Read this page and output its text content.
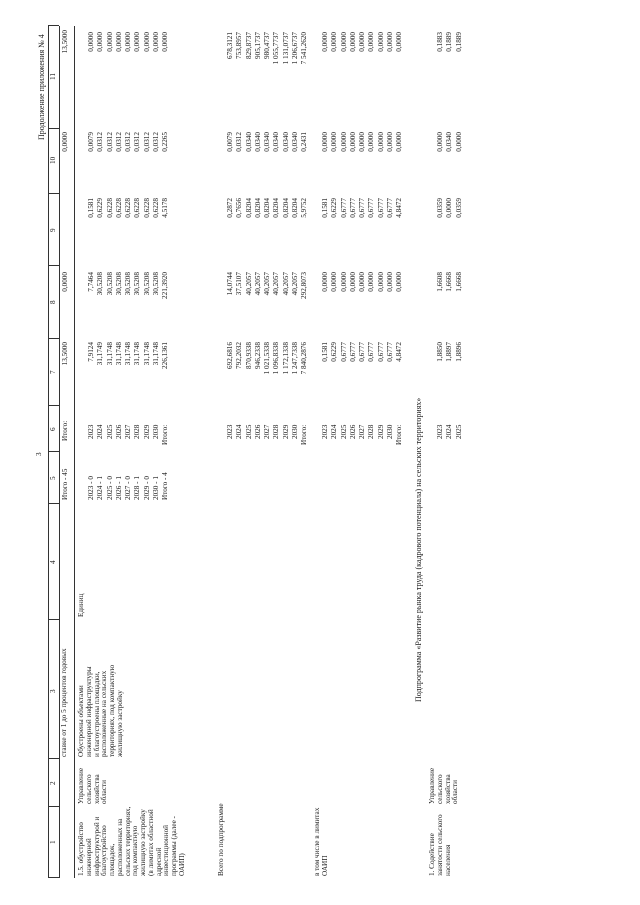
3
Продолжение приложения № 4
1
2
3
4
5
6
7
8
9
10
11
ставке от 1 до 5 процентов годовых
Итого - 45
Итого:
13,5000
0,0000
0,0000
13,5000
1.5. обустройство инженерной инфраструктурой и благоустройство площадок, расположенных на сельских территориях, под компактную жилищную застройку (в лимитах областной адресной инвестиционной программы (далее - ОАИП)
Управление сельского хозяйства области
Обустроены объектами инженерной инфраструктуры и благоустроены площадки, расположенные на сельских территориях, под компактную жилищную застройку
Единиц
2023 - 0 2024 - 1 2025 - 0 2026 - 1 2027 - 0 2028 - 1 2029 - 0 2030 - 1 Итого - 4
2023 2024 2025 2026 2027 2028 2029 2030 Итого:
7,9124 31,1749 31,1748 31,1748 31,1748 31,1748 31,1748 31,1748 226,1361
7,7464 30,5208 30,5208 30,5208 30,5208 30,5208 30,5208 30,5208 221,3920
0,1581 0,6229 0,6228 0,6228 0,6228 0,6228 0,6228 0,6228 4,5178
0,0079 0,0312 0,0312 0,0312 0,0312 0,0312 0,0312 0,0312 0,2265
0,0000 0,0000 0,0000 0,0000 0,0000 0,0000 0,0000 0,0000 0,0000
Всего по подпрограмме
2023 2024 2025 2026 2027 2028 2029 2030 Итого:
692,6816 792,2032 870,9338 946,2338 1 021,5338 1 096,8338 1 172,1338 1 247,7338 7 840,2876
14,0744 37,5107 40,2057 40,2057 40,2057 40,2057 40,2057 40,2057 292,8073
0,2872 0,7656 0,8204 0,8204 0,8204 0,8204 0,8204 0,8204 5,9752
0,0079 0,0312 0,0340 0,0340 0,0340 0,0340 0,0340 0,0340 0,2431
678,3121 753,8957 829,8737 905,1737 980,4737 1 055,7737 1 131,0737 1 206,6737 7 541,2620
в том числе в лимитах ОАИП
2023 2024 2025 2026 2027 2028 2029 2030 Итого:
0,1581 0,6229 0,6777 0,6777 0,6777 0,6777 0,6777 0,6777 4,8472
0,0000 0,0000 0,0000 0,0000 0,0000 0,0000 0,0000 0,0000 0,0000
0,1581 0,6229 0,6777 0,6777 0,6777 0,6777 0,6777 0,6777 4,8472
0,0000 0,0000 0,0000 0,0000 0,0000 0,0000 0,0000 0,0000 0,0000
0,0000 0,0000 0,0000 0,0000 0,0000 0,0000 0,0000 0,0000 0,0000
Подпрограмма «Развитие рынка труда (кадрового потенциала) на сельских территориях»
1. Содействие занятости сельского населения
Управление сельского хозяйства области
2023 2024 2025
1,8850 1,8897 1,8896
1,6608 1,6668 1,6668
0,0359 0,0000 0,0359
0,0000 0,0340 0,0000
0,1883 0,1889 0,1889
